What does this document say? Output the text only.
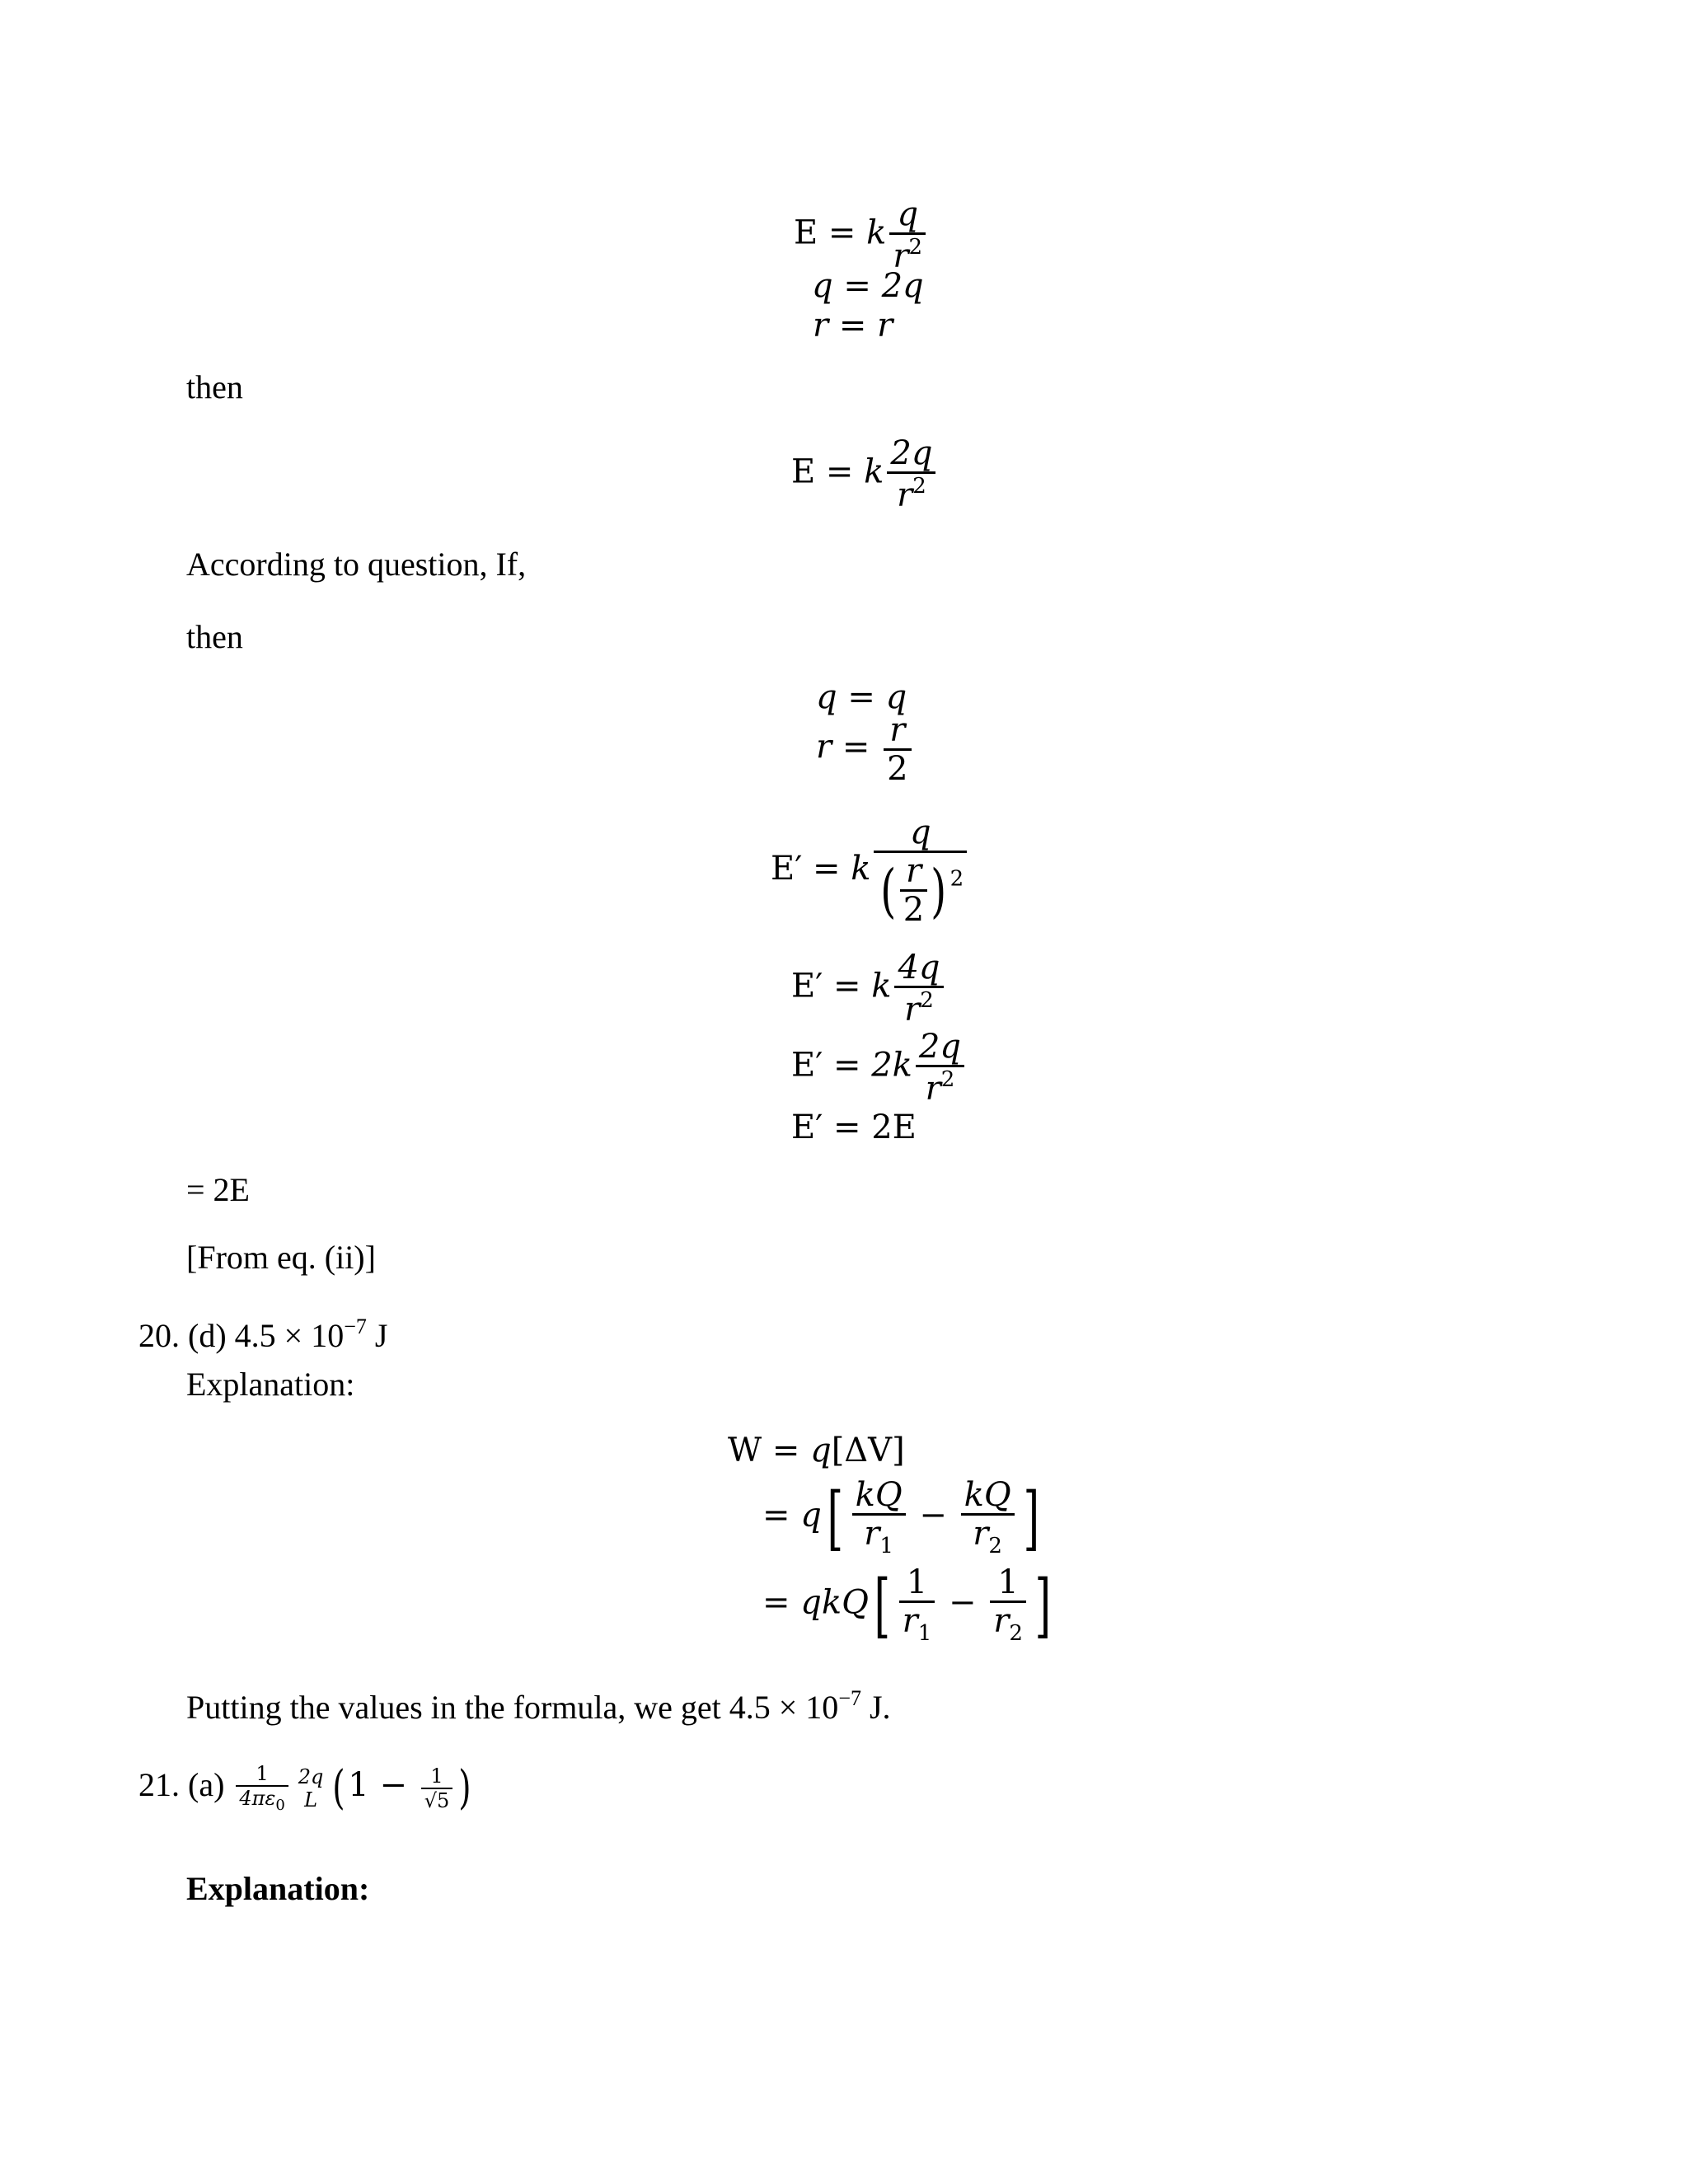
E = k $\frac{q}{r^2}$
q = 2q
r = r
then
E = k $\frac{2q}{r^2}$
According to question, If,
then
q = q
$r = \frac{r}{2}$
E′ = k $\frac{q}{( \frac{r}{2} ) ^2}$
E′ = k $\frac{4q}{r^2}$
$E' = 2k \frac{2q}{r^2}$
E′ = 2E
= 2E
[From eq. (ii)]
20. (d) $4.5 \times 10^{-7}$ J
Explanation:
W = q[ΔV]
= $q[ \frac{kQ}{r_1} - \frac{kQ}{r_2}$ ]
= $qkQ[ \frac{1}{r_1} - \frac{1}{r_2}$ ]
Putting the values in the formula, we get $4.5 \times 10^{-7}$ J.
21. $(a) \frac{1}{4\pi\varepsilon_0} 2q$
L ($1 - \frac{1}{√5}$ )
Explanation:
